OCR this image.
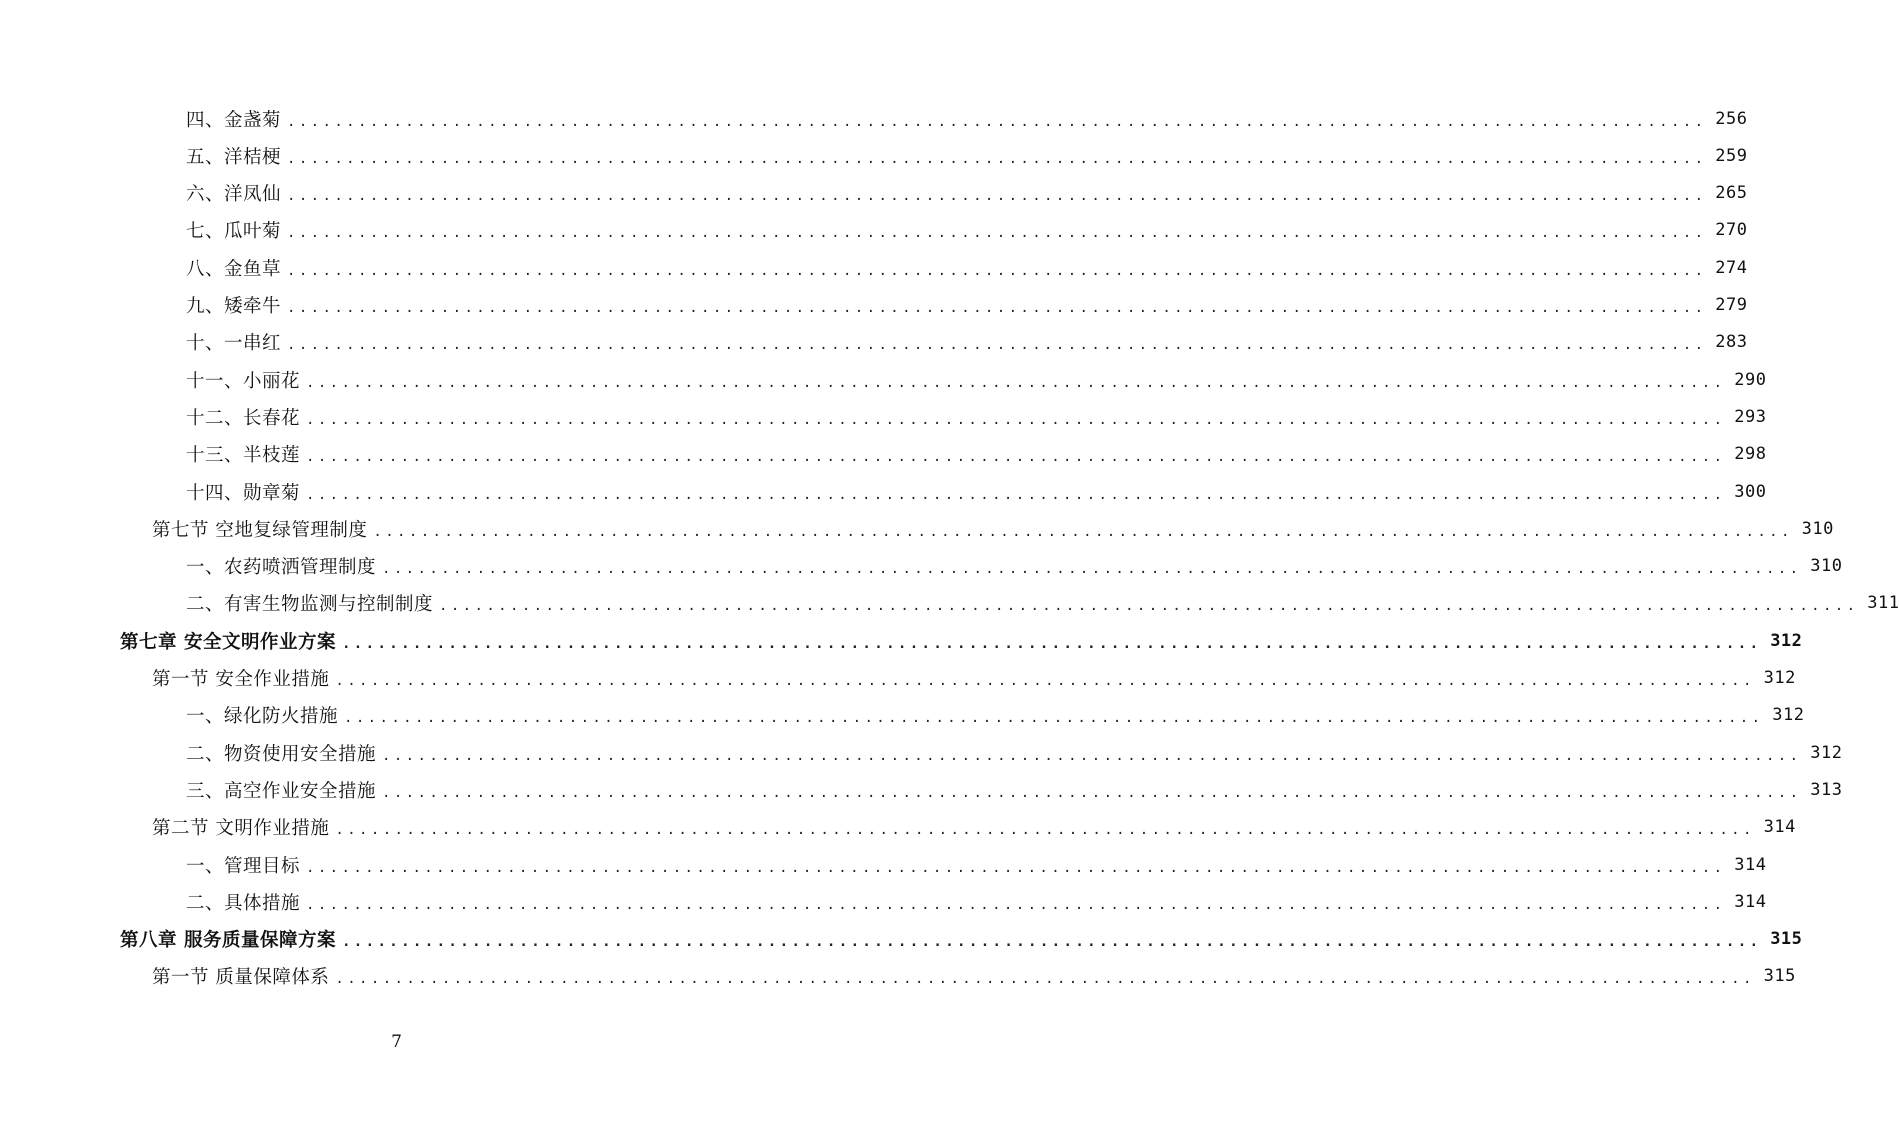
四、金盏菊 ........................................................................................................................ 256
五、洋桔梗 ........................................................................................................................ 259
六、洋凤仙 ........................................................................................................................ 265
七、瓜叶菊 ........................................................................................................................ 270
八、金鱼草 ........................................................................................................................ 274
九、矮牵牛 ........................................................................................................................ 279
十、一串红 ........................................................................................................................ 283
十一、小丽花 ........................................................................................................................ 290
十二、长春花 ........................................................................................................................ 293
十三、半枝莲 ........................................................................................................................ 298
十四、勋章菊 ........................................................................................................................ 300
第七节 空地复绿管理制度 ........................................................................................................................ 310
一、农药喷洒管理制度 ........................................................................................................................ 310
二、有害生物监测与控制制度 ........................................................................................................................ 311
第七章 安全文明作业方案 ........................................................................................................................ 312
第一节 安全作业措施 ........................................................................................................................ 312
一、绿化防火措施 ........................................................................................................................ 312
二、物资使用安全措施 ........................................................................................................................ 312
三、高空作业安全措施 ........................................................................................................................ 313
第二节 文明作业措施 ........................................................................................................................ 314
一、管理目标 ........................................................................................................................ 314
二、具体措施 ........................................................................................................................ 314
第八章 服务质量保障方案 ........................................................................................................................ 315
第一节 质量保障体系 ........................................................................................................................ 315
7
